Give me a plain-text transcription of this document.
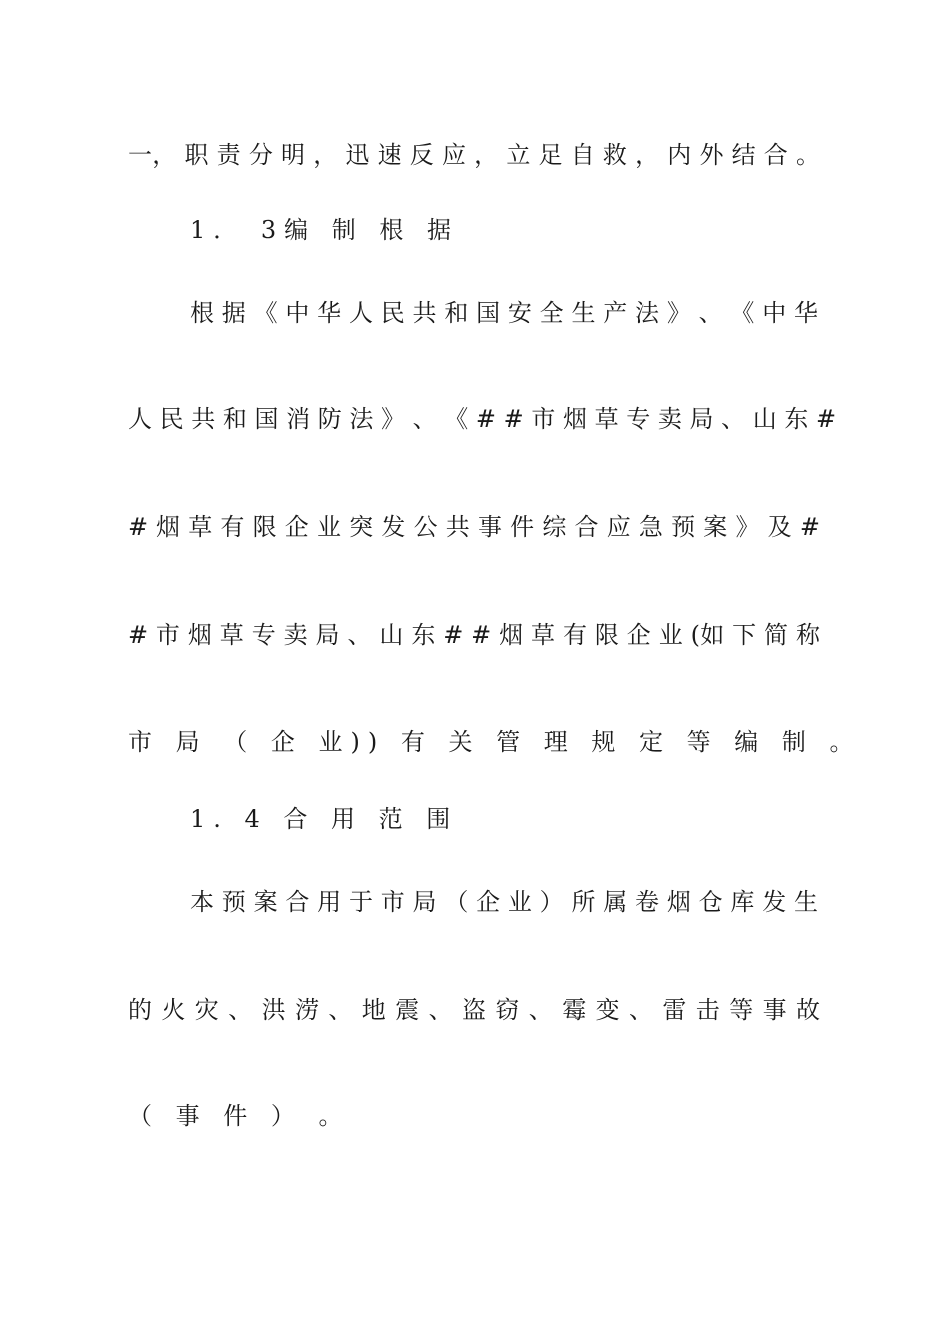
一， 职 责 分 明 ， 迅 速 反 应 ， 立 足 自 救 ， 内 外 结 合 。
1． 3编 制 根 据
根 据 《 中 华 人 民 共 和 国 安 全 生 产 法 》 、 《 中 华
人 民 共 和 国 消 防 法 》 、 《 # # 市 烟 草 专 卖 局 、 山 东 #
# 烟 草 有 限 企 业 突 发 公 共 事 件 综 合 应 急 预 案 》 及 #
# 市 烟 草 专 卖 局 、 山 东 # # 烟 草 有 限 企 业 (如 下 简 称
市 局 （ 企 业)) 有 关 管 理 规 定 等 编 制 。
1. 4 合 用 范 围
本 预 案 合 用 于 市 局 （ 企 业 ） 所 属 卷 烟 仓 库 发 生
的 火 灾 、 洪 涝 、 地 震 、 盗 窃 、 霉 变 、 雷 击 等 事 故
（ 事 件 ） 。
